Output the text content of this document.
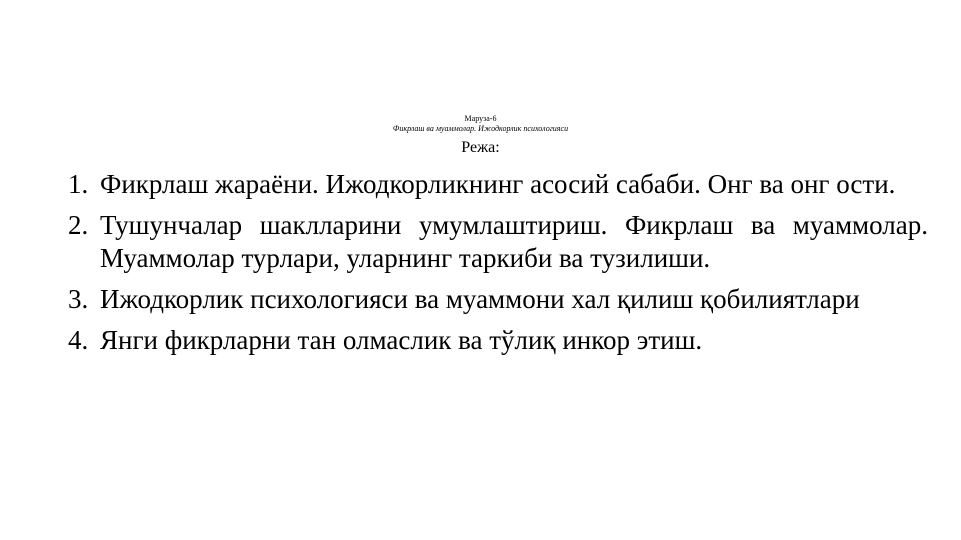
Маруза-6
Фикрлаш ва муаммолар. Ижодкорлик психологияси
Режа:
1. Фикрлаш жараёни. Ижодкорликнинг асосий сабаби. Онг ва онг ости.
2. Тушунчалар шаклларини умумлаштириш. Фикрлаш ва муаммолар. Муаммолар турлари, уларнинг таркиби ва тузилиши.
3. Ижодкорлик психологияси ва муаммони хал қилиш қобилиятлари
4. Янги фикрларни тан олмаслик ва тўлиқ инкор этиш.
